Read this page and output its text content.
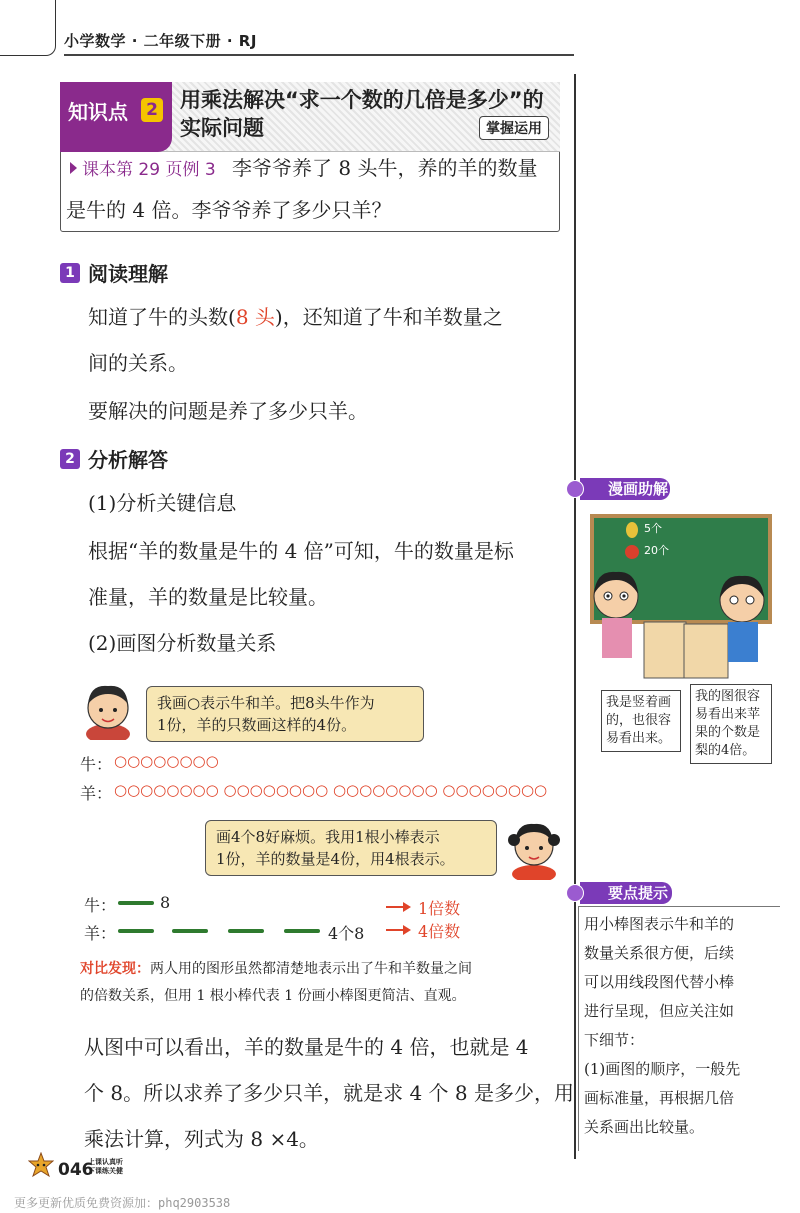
小学数学 · 二年级下册 · RJ
知识点 2 用乘法解决“求一个数的几倍是多少”的实际问题	掌握运用
课本第 29 页例 3 李爷爷养了 8 头牛，养的羊的数量
是牛的 4 倍。李爷爷养了多少只羊？
1 阅读理解
知道了牛的头数(8 头)，还知道了牛和羊数量之
间的关系。
要解决的问题是养了多少只羊。
2 分析解答
(1)分析关键信息
根据“羊的数量是牛的 4 倍”可知，牛的数量是标
准量，羊的数量是比较量。
(2)画图分析数量关系
我画○表示牛和羊。把8头牛作为
1份，羊的只数画这样的4份。
牛： ○○○○○○○○
羊： ○○○○○○○○ ○○○○○○○○ ○○○○○○○○ ○○○○○○○○
画4个8好麻烦。我用1根小棒表示
1份，羊的数量是4份，用4根表示。
牛：	8
羊：	4个8
1倍数
4倍数
对比发现：两人用的图形虽然都清楚地表示出了牛和羊数量之间
的倍数关系，但用 1 根小棒代表 1 份画小棒图更简洁、直观。
从图中可以看出，羊的数量是牛的 4 倍，也就是 4
个 8。所以求养了多少只羊，就是求 4 个 8 是多少，用
乘法计算，列式为 8 ×4。
漫画助解
5个
20个
我是竖着画
的，也很容
易看出来。
我的图很容
易看出来苹
果的个数是
梨的4倍。
要点提示
用小棒图表示牛和羊的
数量关系很方便，后续
可以用线段图代替小棒
进行呈现，但应关注如
下细节：
(1)画图的顺序，一般先
画标准量，再根据几倍
关系画出比较量。
046
上课认真听
下课练关健
更多更新优质免费资源加：phq2903538
